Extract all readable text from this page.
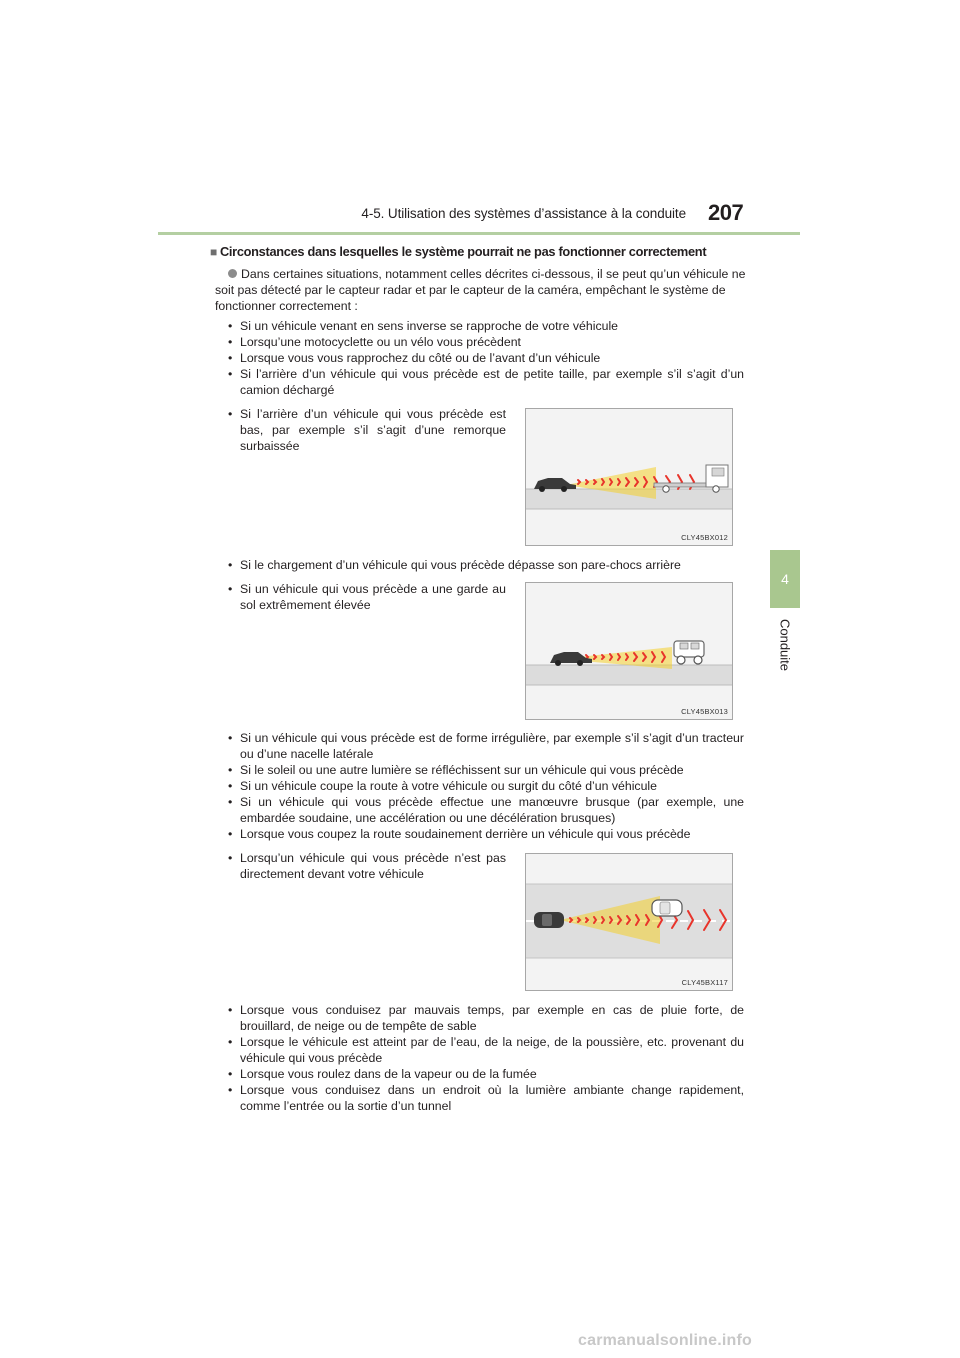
4-5. Utilisation des systèmes d’assistance à la conduite 207
4
Conduite
■ Circonstances dans lesquelles le système pourrait ne pas fonctionner correctement
Dans certaines situations, notamment celles décrites ci-dessous, il se peut qu’un véhicule ne soit pas détecté par le capteur radar et par le capteur de la caméra, empêchant le système de fonctionner correctement :
• Si un véhicule venant en sens inverse se rapproche de votre véhicule
• Lorsqu’une motocyclette ou un vélo vous précèdent
• Lorsque vous vous rapprochez du côté ou de l’avant d’un véhicule
• Si l’arrière d’un véhicule qui vous précède est de petite taille, par exemple s’il s’agit d’un camion déchargé
• Si l’arrière d’un véhicule qui vous précède est bas, par exemple s’il s’agit d’une remorque surbaissée
CLY45BX012
• Si le chargement d’un véhicule qui vous précède dépasse son pare-chocs arrière
• Si un véhicule qui vous précède a une garde au sol extrêmement élevée
CLY45BX013
• Si un véhicule qui vous précède est de forme irrégulière, par exemple s’il s’agit d’un tracteur ou d’une nacelle latérale
• Si le soleil ou une autre lumière se réfléchissent sur un véhicule qui vous précède
• Si un véhicule coupe la route à votre véhicule ou surgit du côté d’un véhicule
• Si un véhicule qui vous précède effectue une manœuvre brusque (par exemple, une embardée soudaine, une accélération ou une décélération brusques)
• Lorsque vous coupez la route soudainement derrière un véhicule qui vous précède
• Lorsqu’un véhicule qui vous précède n’est pas directement devant votre véhicule
CLY45BX117
• Lorsque vous conduisez par mauvais temps, par exemple en cas de pluie forte, de brouillard, de neige ou de tempête de sable
• Lorsque le véhicule est atteint par de l’eau, de la neige, de la poussière, etc. provenant du véhicule qui vous précède
• Lorsque vous roulez dans de la vapeur ou de la fumée
• Lorsque vous conduisez dans un endroit où la lumière ambiante change rapidement, comme l’entrée ou la sortie d’un tunnel
carmanualsonline.info
